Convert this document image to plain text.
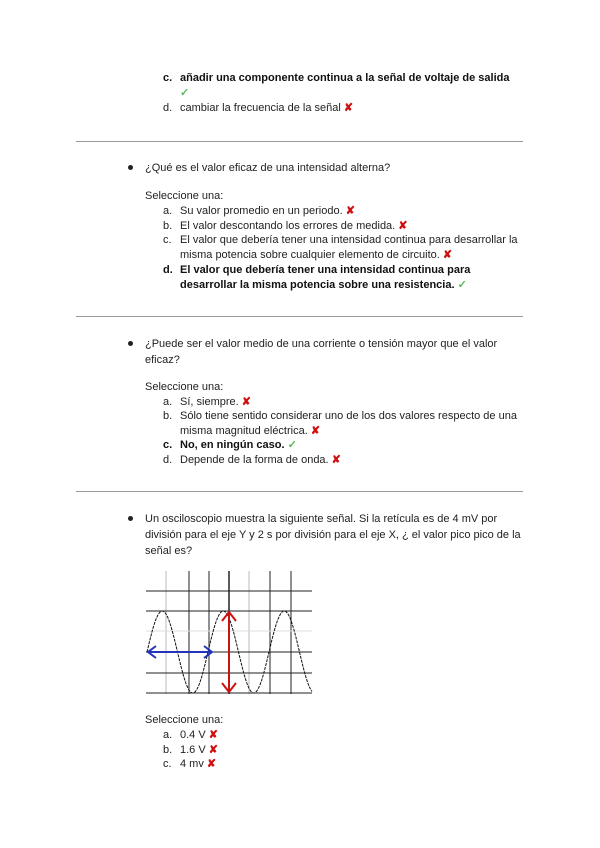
c. añadir una componente continua a la señal de voltaje de salida
✓
d. cambiar la frecuencia de la señal ✘
¿Qué es el valor eficaz de una intensidad alterna?
Seleccione una:
a. Su valor promedio en un periodo. ✘
b. El valor descontando los errores de medida. ✘
c. El valor que debería tener una intensidad continua para desarrollar la misma potencia sobre cualquier elemento de circuito. ✘
d. El valor que debería tener una intensidad continua para desarrollar la misma potencia sobre una resistencia. ✓
¿Puede ser el valor medio de una corriente o tensión mayor que el valor eficaz?
Seleccione una:
a. Sí, siempre. ✘
b. Sólo tiene sentido considerar uno de los dos valores respecto de una misma magnitud eléctrica. ✘
c. No, en ningún caso. ✓
d. Depende de la forma de onda. ✘
Un osciloscopio muestra la siguiente señal. Si la retícula es de 4 mV por división para el eje Y y 2 s por división para el eje X, ¿ el valor pico pico de la señal es?
Seleccione una:
a. 0.4 V ✘
b. 1.6 V ✘
c. 4 mv ✘
